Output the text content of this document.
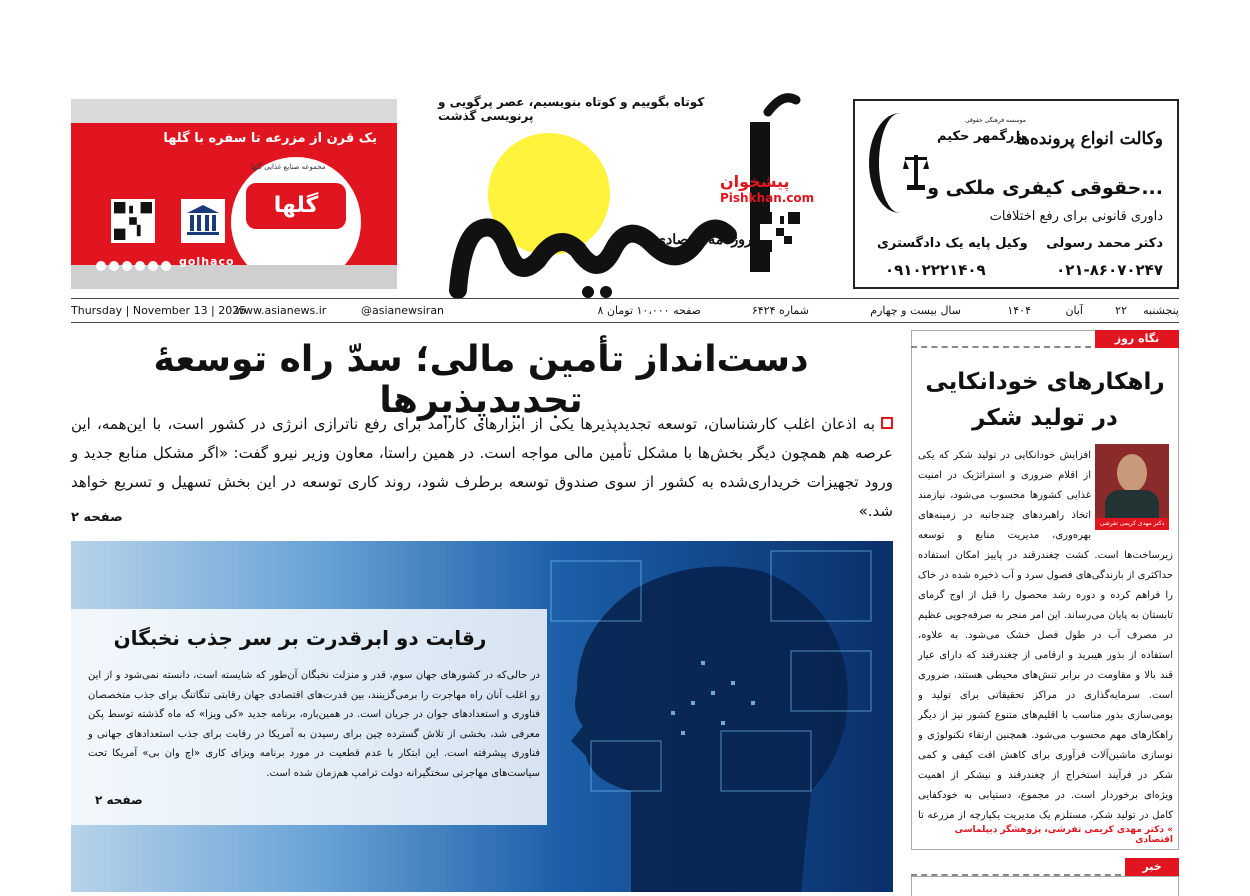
موسسه فرهنگی حقوقی
بزرگمهر حکیم
وکالت انواع پرونده‌ها
حقوقی کیفری ملکی و...
داوری قانونی برای رفع اختلافات
دکتر محمد رسولی
وکیل پایه یک دادگستری
۰۲۱-۸۶۰۷۰۲۴۷
۰۹۱۰۲۲۲۱۴۰۹
یک قرن از مزرعه تا سفره با گلها
مجموعه صنایع غذایی گلها
گلها
golhaco
کوتاه بگوییم و کوتاه بنویسیم، عصر پرگویی و پرنویسی گذشت
روزنامه اقتصادی
پیشخوان
Pishkhan.com
پنجشنبه
۲۲
آبان
۱۴۰۴
سال بیست و چهارم
شماره ۶۴۲۴
۸ صفحه ۱۰،۰۰۰ تومان
@asianewsiran
www.asianews.ir
Thursday | November 13 | 2025
نگاه روز
راهکارهای خودانکایی در تولید شکر
دکتر مهدی کریمی تفرشی
افزایش خودانکایی در تولید شکر که یکی از اقلام ضروری و استراتژیک در امنیت غذایی کشورها محسوب می‌شود، نیازمند اتخاذ راهبردهای چندجانبه در زمینه‌های بهره‌وری، مدیریت منابع و توسعه زیرساخت‌ها است. کشت چغندرقند در پاییز امکان استفاده حداکثری از بارندگی‌های فصول سرد و آب ذخیره شده در خاک را فراهم کرده و دوره رشد محصول را قبل از اوج گرمای تابستان به پایان می‌رساند. این امر منجر به صرفه‌جویی عظیم در مصرف آب در طول فصل خشک می‌شود. به علاوه، استفاده از بذور هیبرید و ارقامی از چغندرقند که دارای عیار قند بالا و مقاومت در برابر تنش‌های محیطی هستند، ضروری است. سرمایه‌گذاری در مراکز تحقیقاتی برای تولید و بومی‌سازی بذور مناسب با اقلیم‌های متنوع کشور نیز از دیگر راهکارهای مهم محسوب می‌شود. همچنین ارتقاء تکنولوژی و نوسازی ماشین‌آلات فرآوری برای کاهش افت کیفی و کمی شکر در فرآیند استخراج از چغندرقند و نیشکر از اهمیت ویژه‌ای برخوردار است. در مجموع، دستیابی به خودکفایی کامل در تولید شکر، مستلزم یک مدیریت یکپارچه از مزرعه تا
» دکتر مهدی کریمی تفرشی، پژوهشگر دیپلماسی اقتصادی
خبر
دست‌انداز تأمین مالی؛ سدّ راه توسعهٔ تجدیدپذیرها
به اذعان اغلب کارشناسان، توسعه تجدیدپذیرها یکی از ابزارهای کارآمد برای رفع ناترازی انرژی در کشور است، با این‌همه، این عرصه هم همچون دیگر بخش‌ها با مشکل تأمین مالی مواجه است. در همین راستا، معاون وزیر نیرو گفت: «اگر مشکل منابع جدید و ورود تجهیزات خریداری‌شده به کشور از سوی صندوق توسعه برطرف شود، روند کاری توسعه در این بخش تسهیل و تسریع خواهد شد.»
صفحه ۲
رقابت دو ابرقدرت بر سر جذب نخبگان
در حالی‌که در کشورهای جهان سوم، قدر و منزلت نخبگان آن‌طور که شایسته است، دانسته نمی‌شود و از این رو اغلب آنان راه مهاجرت را برمی‌گزینند، بین قدرت‌های اقتصادی جهان رقابتی تنگاتنگ برای جذب متخصصان فناوری و استعدادهای جوان در جریان است. در همین‌باره، برنامه جدید «کی ویزا» که ماه گذشته توسط پکن معرفی شد، بخشی از تلاش گسترده چین برای رسیدن به آمریکا در رقابت برای جذب استعدادهای جهانی و فناوری پیشرفته است. این ابتکار با عدم قطعیت در مورد برنامه ویزای کاری «اچ وان بی» آمریکا تحت سیاست‌های مهاجرتی سختگیرانه دولت ترامپ هم‌زمان شده است.
صفحه ۲
